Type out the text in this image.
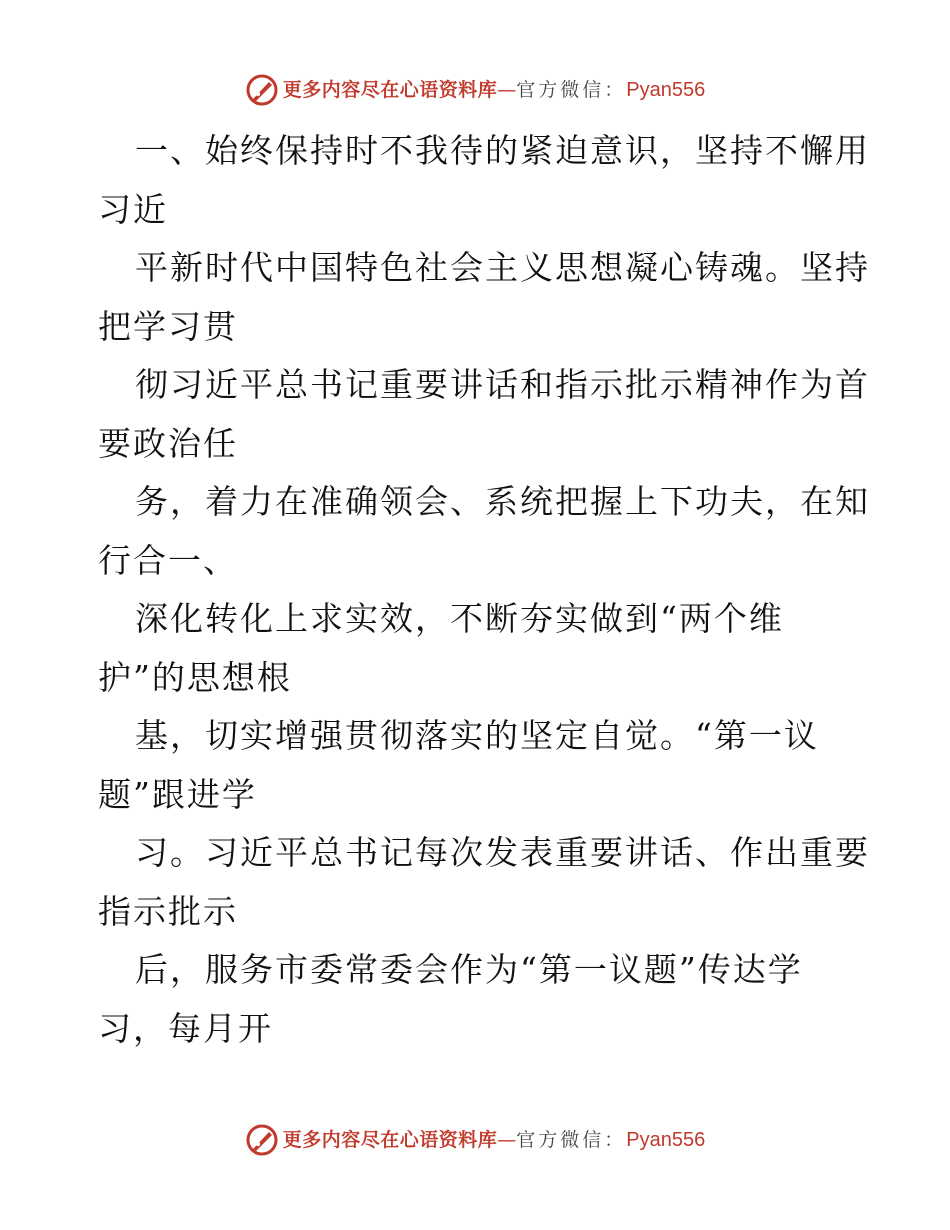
更多内容尽在心语资料库 — 官方微信： Pyan556
一、始终保持时不我待的紧迫意识，坚持不懈用
习近
平新时代中国特色社会主义思想凝心铸魂。坚持
把学习贯
彻习近平总书记重要讲话和指示批示精神作为首
要政治任
务，着力在准确领会、系统把握上下功夫，在知
行合一、
深化转化上求实效，不断夯实做到“两个维
护”的思想根
基，切实增强贯彻落实的坚定自觉。“第一议
题”跟进学
习。习近平总书记每次发表重要讲话、作出重要
指示批示
后，服务市委常委会作为“第一议题”传达学
习，每月开
更多内容尽在心语资料库 — 官方微信： Pyan556
